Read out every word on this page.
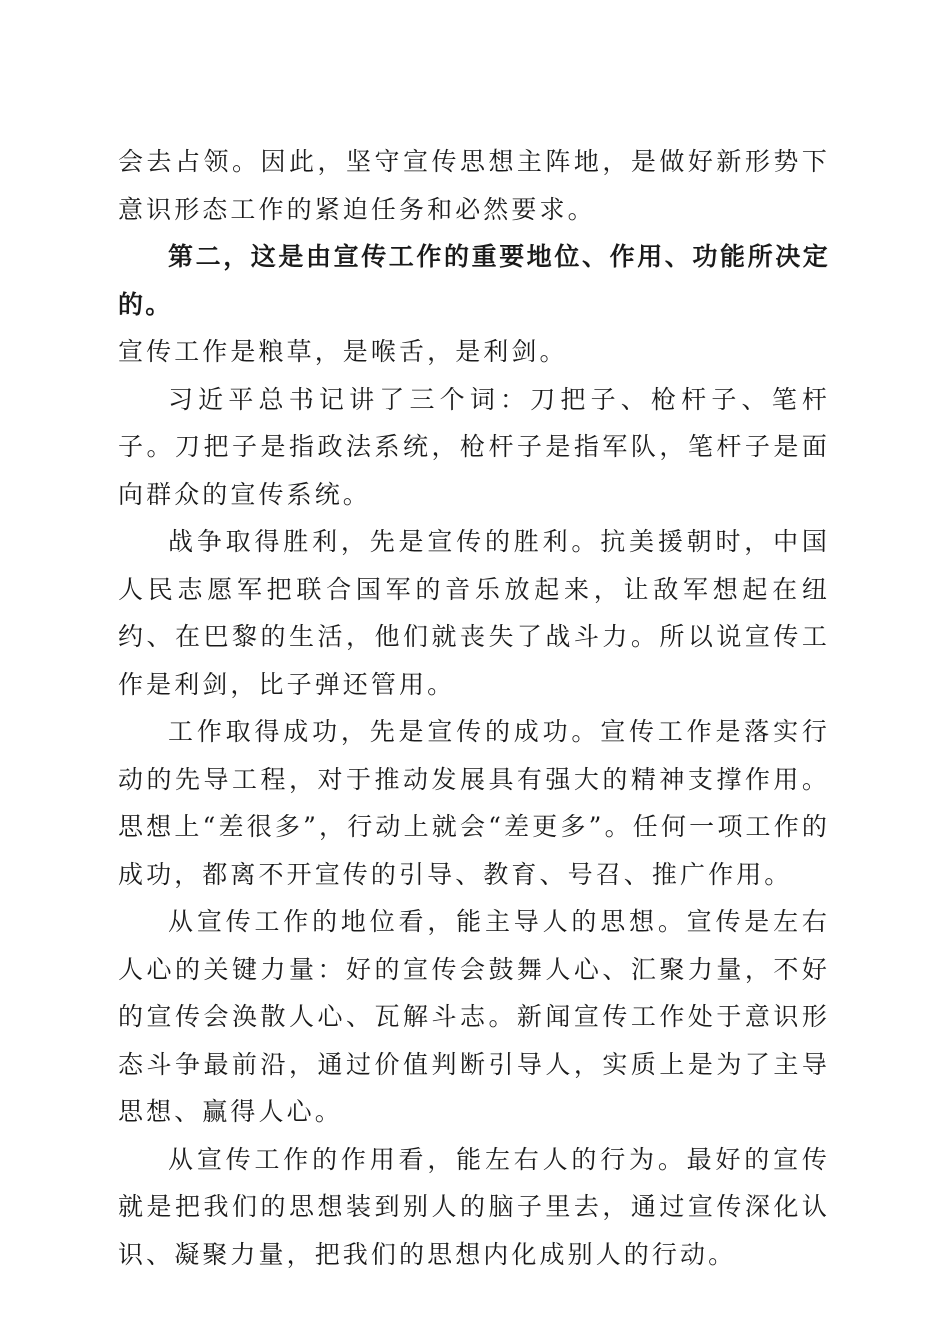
会去占领。因此，坚守宣传思想主阵地，是做好新形势下意识形态工作的紧迫任务和必然要求。

第二，这是由宣传工作的重要地位、作用、功能所决定的。

宣传工作是粮草，是喉舌，是利剑。

习近平总书记讲了三个词：刀把子、枪杆子、笔杆子。刀把子是指政法系统，枪杆子是指军队，笔杆子是面向群众的宣传系统。

战争取得胜利，先是宣传的胜利。抗美援朝时，中国人民志愿军把联合国军的音乐放起来，让敌军想起在纽约、在巴黎的生活，他们就丧失了战斗力。所以说宣传工作是利剑，比子弹还管用。

工作取得成功，先是宣传的成功。宣传工作是落实行动的先导工程，对于推动发展具有强大的精神支撑作用。思想上“差很多”，行动上就会“差更多”。任何一项工作的成功，都离不开宣传的引导、教育、号召、推广作用。

从宣传工作的地位看，能主导人的思想。宣传是左右人心的关键力量：好的宣传会鼓舞人心、汇聚力量，不好的宣传会涣散人心、瓦解斗志。新闻宣传工作处于意识形态斗争最前沿，通过价值判断引导人，实质上是为了主导思想、赢得人心。

从宣传工作的作用看，能左右人的行为。最好的宣传就是把我们的思想装到别人的脑子里去，通过宣传深化认识、凝聚力量，把我们的思想内化成别人的行动。
